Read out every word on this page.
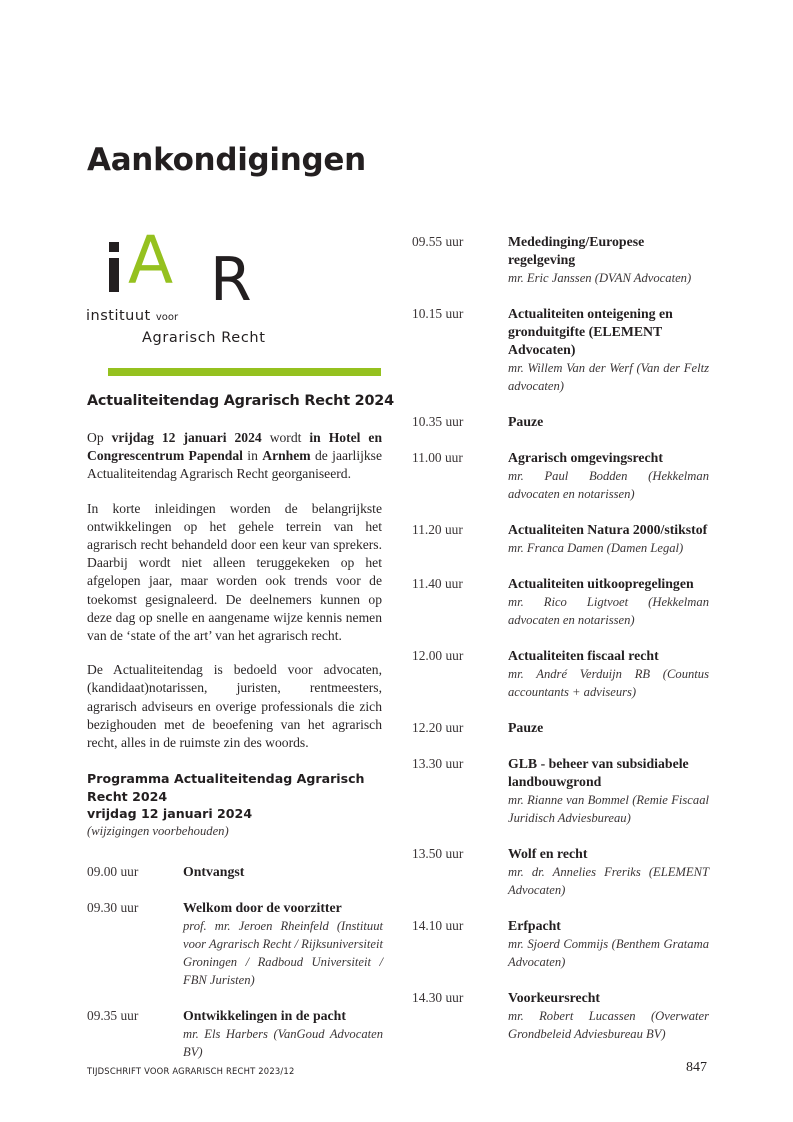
Aankondigingen
A R
instituut voor
Agrarisch Recht
Actualiteitendag Agrarisch Recht 2024

Op vrijdag 12 januari 2024 wordt in Hotel en Congrescentrum Papendal in Arnhem de jaarlijkse Actualiteitendag Agrarisch Recht georganiseerd.

In korte inleidingen worden de belangrijkste ontwikkelingen op het gehele terrein van het agrarisch recht behandeld door een keur van sprekers. Daarbij wordt niet alleen teruggekeken op het afgelopen jaar, maar worden ook trends voor de toekomst gesignaleerd. De deelnemers kunnen op deze dag op snelle en aangename wijze kennis nemen van de ‘state of the art’ van het agrarisch recht.

De Actualiteitendag is bedoeld voor advocaten, (kandidaat)notarissen, juristen, rentmeesters, agrarisch adviseurs en overige professionals die zich bezighouden met de beoefening van het agrarisch recht, alles in de ruimste zin des woords.

Programma Actualiteitendag Agrarisch
Recht 2024
vrijdag 12 januari 2024
(wijzigingen voorbehouden)
09.00 uur	Ontvangst
09.30 uur	Welkom door de voorzitter
prof. mr. Jeroen Rheinfeld (Instituut voor Agrarisch Recht / Rijksuniversiteit Groningen / Radboud Universiteit / FBN Juristen)
09.35 uur	Ontwikkelingen in de pacht
mr. Els Harbers (VanGoud Advocaten BV)
09.55 uur	Mededinging/Europese regelgeving
mr. Eric Janssen (DVAN Advocaten)
10.15 uur	Actualiteiten onteigening en gronduitgifte (ELEMENT Advocaten)
mr. Willem Van der Werf (Van der Feltz advocaten)
10.35 uur	Pauze
11.00 uur	Agrarisch omgevingsrecht
mr. Paul Bodden (Hekkelman advocaten en notarissen)
11.20 uur	Actualiteiten Natura 2000/stikstof
mr. Franca Damen (Damen Legal)
11.40 uur	Actualiteiten uitkoopregelingen
mr. Rico Ligtvoet (Hekkelman advocaten en notarissen)
12.00 uur	Actualiteiten fiscaal recht
mr. André Verduijn RB (Countus accountants + adviseurs)
12.20 uur	Pauze
13.30 uur	GLB - beheer van subsidiabele landbouwgrond
mr. Rianne van Bommel (Remie Fiscaal Juridisch Adviesbureau)
13.50 uur	Wolf en recht
mr. dr. Annelies Freriks (ELEMENT Advocaten)
14.10 uur	Erfpacht
mr. Sjoerd Commijs (Benthem Gratama Advocaten)
14.30 uur	Voorkeursrecht
mr. Robert Lucassen (Overwater Grondbeleid Adviesbureau BV)
TIJDSCHRIFT VOOR AGRARISCH RECHT 2023/12	847
